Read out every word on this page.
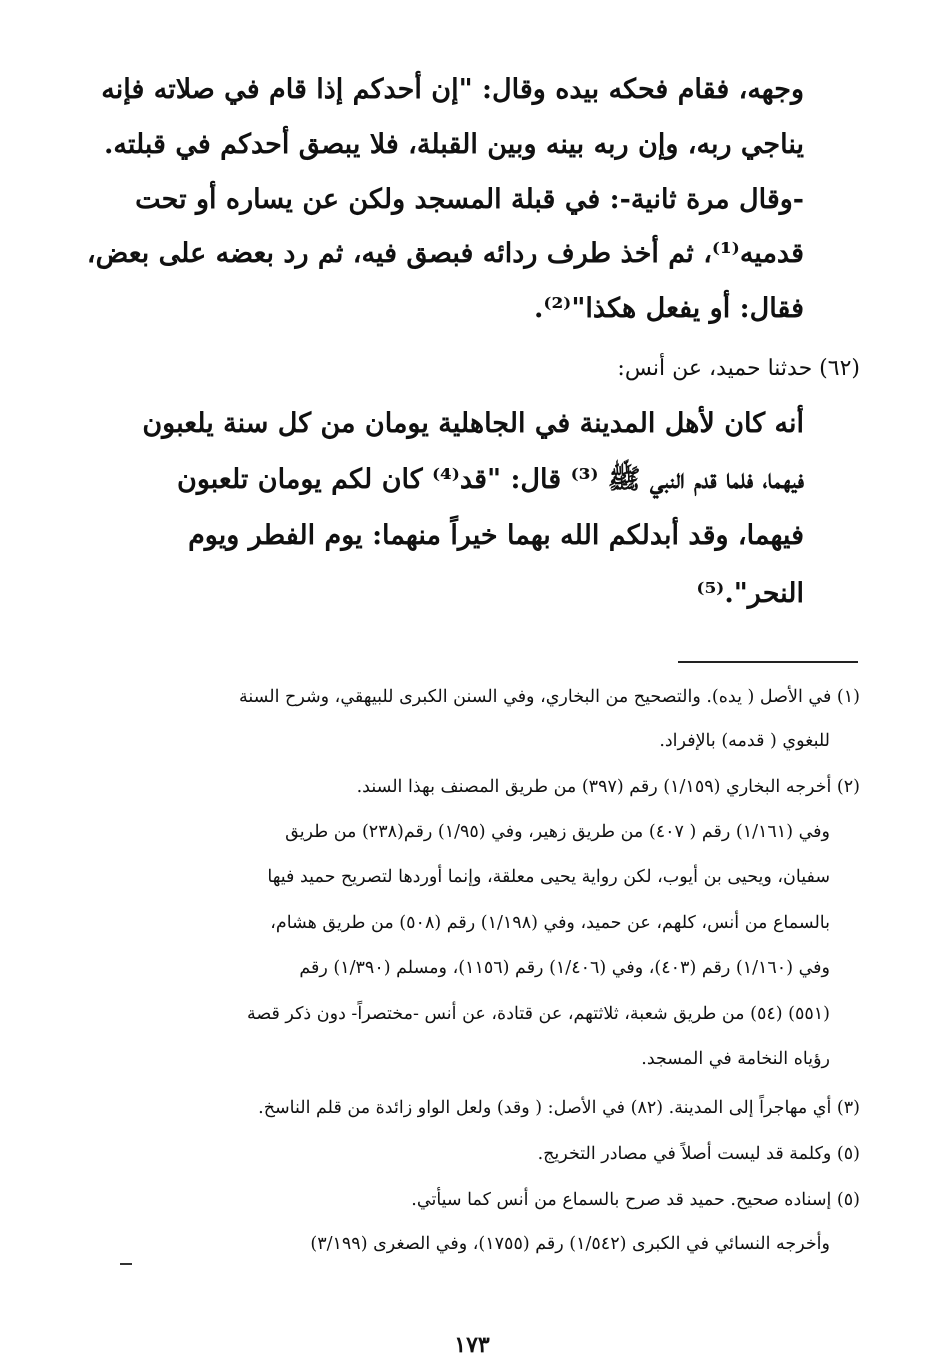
وجهه، فقام فحكه بيده وقال: "إن أحدكم إذا قام في صلاته فإنه
يناجي ربه، وإن ربه بينه وبين القبلة، فلا يبصق أحدكم في قبلته.
-وقال مرة ثانية-: في قبلة المسجد ولكن عن يساره أو تحت
قدميه⁽¹⁾، ثم أخذ طرف ردائه فبصق فيه، ثم رد بعضه على بعض،
فقال: أو يفعل هكذا"⁽²⁾.
(٦٢) حدثنا حميد، عن أنس:
أنه كان لأهل المدينة في الجاهلية يومان من كل سنة يلعبون
فيهما، فلما قدم النبي ﷺ ⁽³⁾ قال: "قد⁽⁴⁾ كان لكم يومان تلعبون
فيهما، وقد أبدلكم الله بهما خيراً منهما: يوم الفطر ويوم
النحر".⁽⁵⁾
(١) في الأصل ( يده). والتصحيح من البخاري، وفي السنن الكبرى للبيهقي، وشرح السنة
للبغوي ( قدمه) بالإفراد.
(٢) أخرجه البخاري (١/١٥٩) رقم (٣٩٧) من طريق المصنف بهذا السند.
وفي (١/١٦١) رقم ( ٤٠٧) من طريق زهير، وفي (١/٩٥) رقم(٢٣٨) من طريق
سفيان، ويحيى بن أيوب، لكن رواية يحيى معلقة، وإنما أوردها لتصريح حميد فيها
بالسماع من أنس، كلهم، عن حميد، وفي (١/١٩٨) رقم (٥٠٨) من طريق هشام،
وفي (١/١٦٠) رقم (٤٠٣)، وفي (١/٤٠٦) رقم (١١٥٦)، ومسلم (١/٣٩٠) رقم
(٥٥١) (٥٤) من طريق شعبة، ثلاثتهم، عن قتادة، عن أنس -مختصراً- دون ذكر قصة
رؤياه النخامة في المسجد.
(٣) أي مهاجراً إلى المدينة. (٨٢) في الأصل: ( وقد) ولعل الواو زائدة من قلم الناسخ.
(٥) وكلمة قد ليست أصلاً في مصادر التخريج.
(٥) إسناده صحيح. حميد قد صرح بالسماع من أنس كما سيأتي.
وأخرجه النسائي في الكبرى (١/٥٤٢) رقم (١٧٥٥)، وفي الصغرى (٣/١٩٩)
١٧٣
